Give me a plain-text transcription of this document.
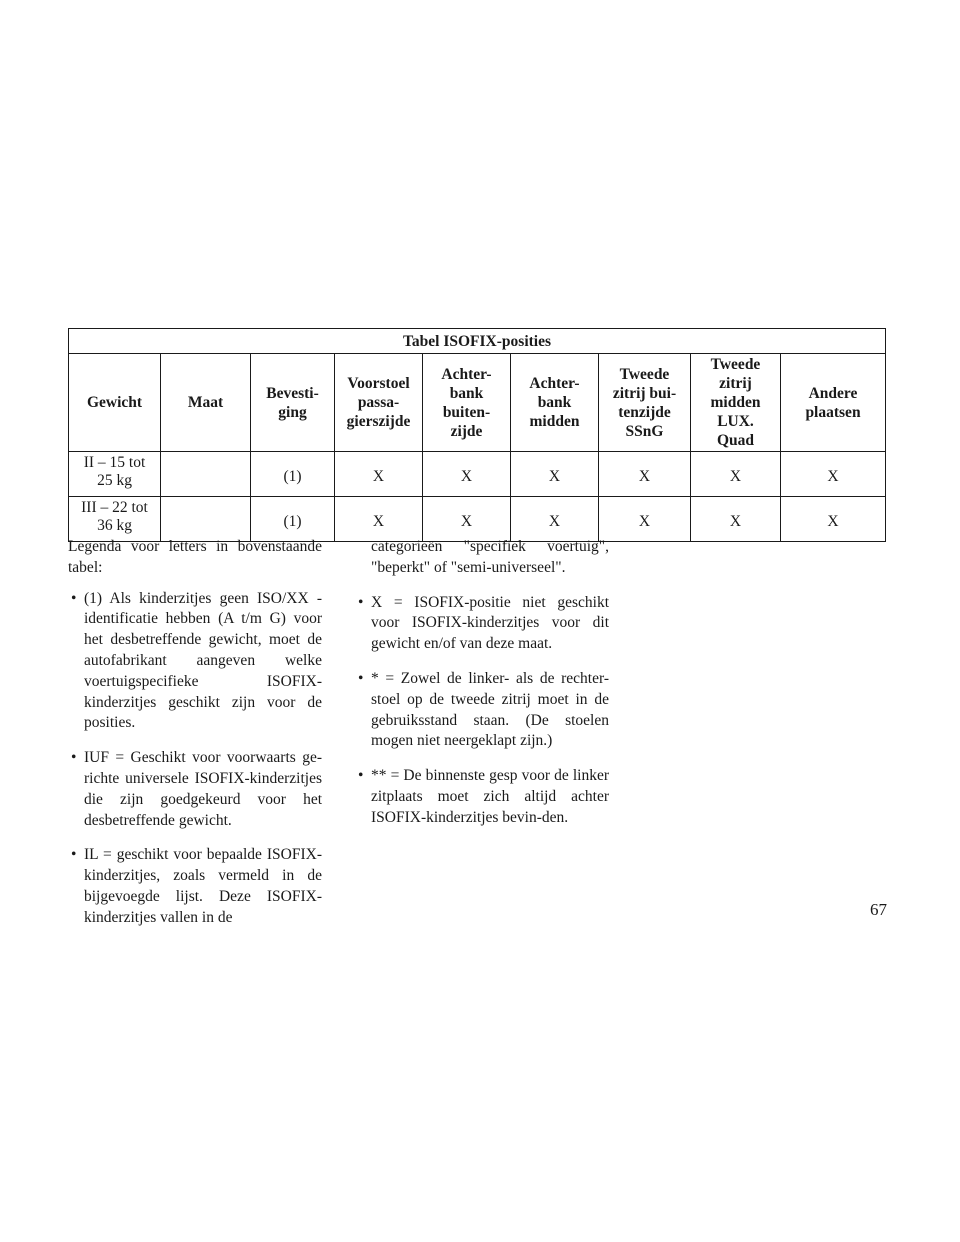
Tabel ISOFIX-posities								
Gewicht	Maat	Bevesti-
ging	Voorstoel
passa-
gierszijde	Achter-
bank
buiten-
zijde	Achter-
bank
midden	Tweede
zitrij bui-
tenzijde
SSnG	Tweede
zitrij
midden
LUX.
Quad	Andere
plaatsen
II – 15 tot
25 kg		(1)	X	X	X	X	X	X
III – 22 tot
36 kg		(1)	X	X	X	X	X	X

Legenda voor letters in bovenstaande tabel:

• (1) Als kinderzitjes geen ISO/XX -identificatie hebben (A t/m G) voor het desbetreffende gewicht, moet de autofabrikant aangeven welke voertuigspecifieke ISOFIX-kinderzitjes geschikt zijn voor de posities.
• IUF = Geschikt voor voorwaarts ge-richte universele ISOFIX-kinderzitjes die zijn goedgekeurd voor het desbetreffende gewicht.
• IL = geschikt voor bepaalde ISOFIX-kinderzitjes, zoals vermeld in de bijgevoegde lijst. Deze ISOFIX-kinderzitjes vallen in de

categorieën "specifiek voertuig", "beperkt" of "semi-universeel".

• X = ISOFIX-positie niet geschikt voor ISOFIX-kinderzitjes voor dit gewicht en/of van deze maat.
• * = Zowel de linker- als de rechter-stoel op de tweede zitrij moet in de gebruiksstand staan. (De stoelen mogen niet neergeklapt zijn.)
• ** = De binnenste gesp voor de linker zitplaats moet zich altijd achter ISOFIX-kinderzitjes bevin-den.
67
